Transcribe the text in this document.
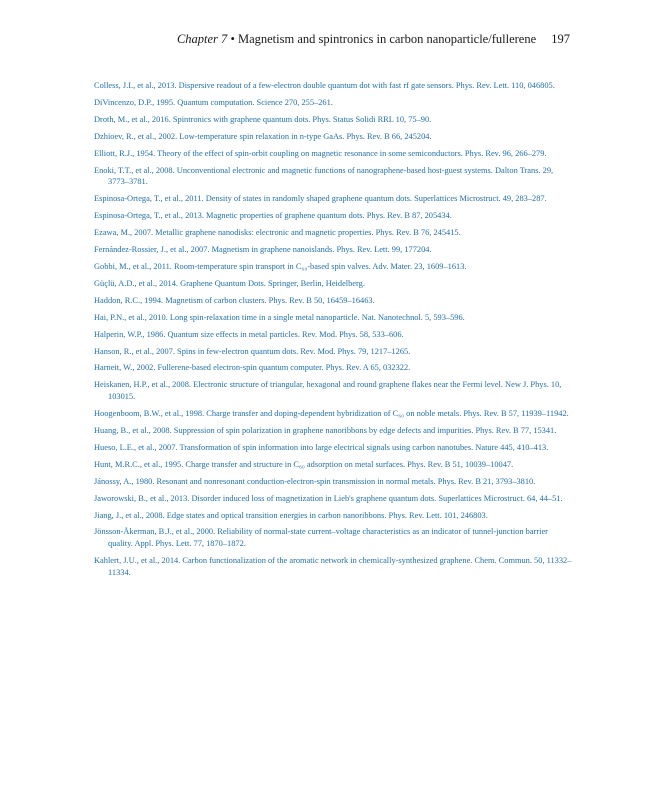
Chapter 7 • Magnetism and spintronics in carbon nanoparticle/fullerene 197
Colless, J.I., et al., 2013. Dispersive readout of a few-electron double quantum dot with fast rf gate sensors. Phys. Rev. Lett. 110, 046805.
DiVincenzo, D.P., 1995. Quantum computation. Science 270, 255–261.
Droth, M., et al., 2016. Spintronics with graphene quantum dots. Phys. Status Solidi RRL 10, 75–90.
Dzhioev, R., et al., 2002. Low-temperature spin relaxation in n-type GaAs. Phys. Rev. B 66, 245204.
Elliott, R.J., 1954. Theory of the effect of spin-orbit coupling on magnetic resonance in some semiconductors. Phys. Rev. 96, 266–279.
Enoki, T.T., et al., 2008. Unconventional electronic and magnetic functions of nanographene-based host-guest systems. Dalton Trans. 29, 3773–3781.
Espinosa-Ortega, T., et al., 2011. Density of states in randomly shaped graphene quantum dots. Superlattices Microstruct. 49, 283–287.
Espinosa-Ortega, T., et al., 2013. Magnetic properties of graphene quantum dots. Phys. Rev. B 87, 205434.
Ezawa, M., 2007. Metallic graphene nanodisks: electronic and magnetic properties. Phys. Rev. B 76, 245415.
Fernández-Rossier, J., et al., 2007. Magnetism in graphene nanoislands. Phys. Rev. Lett. 99, 177204.
Gobbi, M., et al., 2011. Room-temperature spin transport in C₆₀-based spin valves. Adv. Mater. 23, 1609–1613.
Güçlü, A.D., et al., 2014. Graphene Quantum Dots. Springer, Berlin, Heidelberg.
Haddon, R.C., 1994. Magnetism of carbon clusters. Phys. Rev. B 50, 16459–16463.
Hai, P.N., et al., 2010. Long spin-relaxation time in a single metal nanoparticle. Nat. Nanotechnol. 5, 593–596.
Halperin, W.P., 1986. Quantum size effects in metal particles. Rev. Mod. Phys. 58, 533–606.
Hanson, R., et al., 2007. Spins in few-electron quantum dots. Rev. Mod. Phys. 79, 1217–1265.
Harneit, W., 2002. Fullerene-based electron-spin quantum computer. Phys. Rev. A 65, 032322.
Heiskanen, H.P., et al., 2008. Electronic structure of triangular, hexagonal and round graphene flakes near the Fermi level. New J. Phys. 10, 103015.
Hoogenboom, B.W., et al., 1998. Charge transfer and doping-dependent hybridization of C₆₀ on noble metals. Phys. Rev. B 57, 11939–11942.
Huang, B., et al., 2008. Suppression of spin polarization in graphene nanoribbons by edge defects and impurities. Phys. Rev. B 77, 15341.
Hueso, L.E., et al., 2007. Transformation of spin information into large electrical signals using carbon nanotubes. Nature 445, 410–413.
Hunt, M.R.C., et al., 1995. Charge transfer and structure in C₆₀ adsorption on metal surfaces. Phys. Rev. B 51, 10039–10047.
Jánossy, A., 1980. Resonant and nonresonant conduction-electron-spin transmission in normal metals. Phys. Rev. B 21, 3793–3810.
Jaworowski, B., et al., 2013. Disorder induced loss of magnetization in Lieb's graphene quantum dots. Superlattices Microstruct. 64, 44–51.
Jiang, J., et al., 2008. Edge states and optical transition energies in carbon nanoribbons. Phys. Rev. Lett. 101, 246803.
Jönsson-Åkerman, B.J., et al., 2000. Reliability of normal-state current–voltage characteristics as an indicator of tunnel-junction barrier quality. Appl. Phys. Lett. 77, 1870–1872.
Kahlert, J.U., et al., 2014. Carbon functionalization of the aromatic network in chemically-synthesized graphene. Chem. Commun. 50, 11332–11334.
